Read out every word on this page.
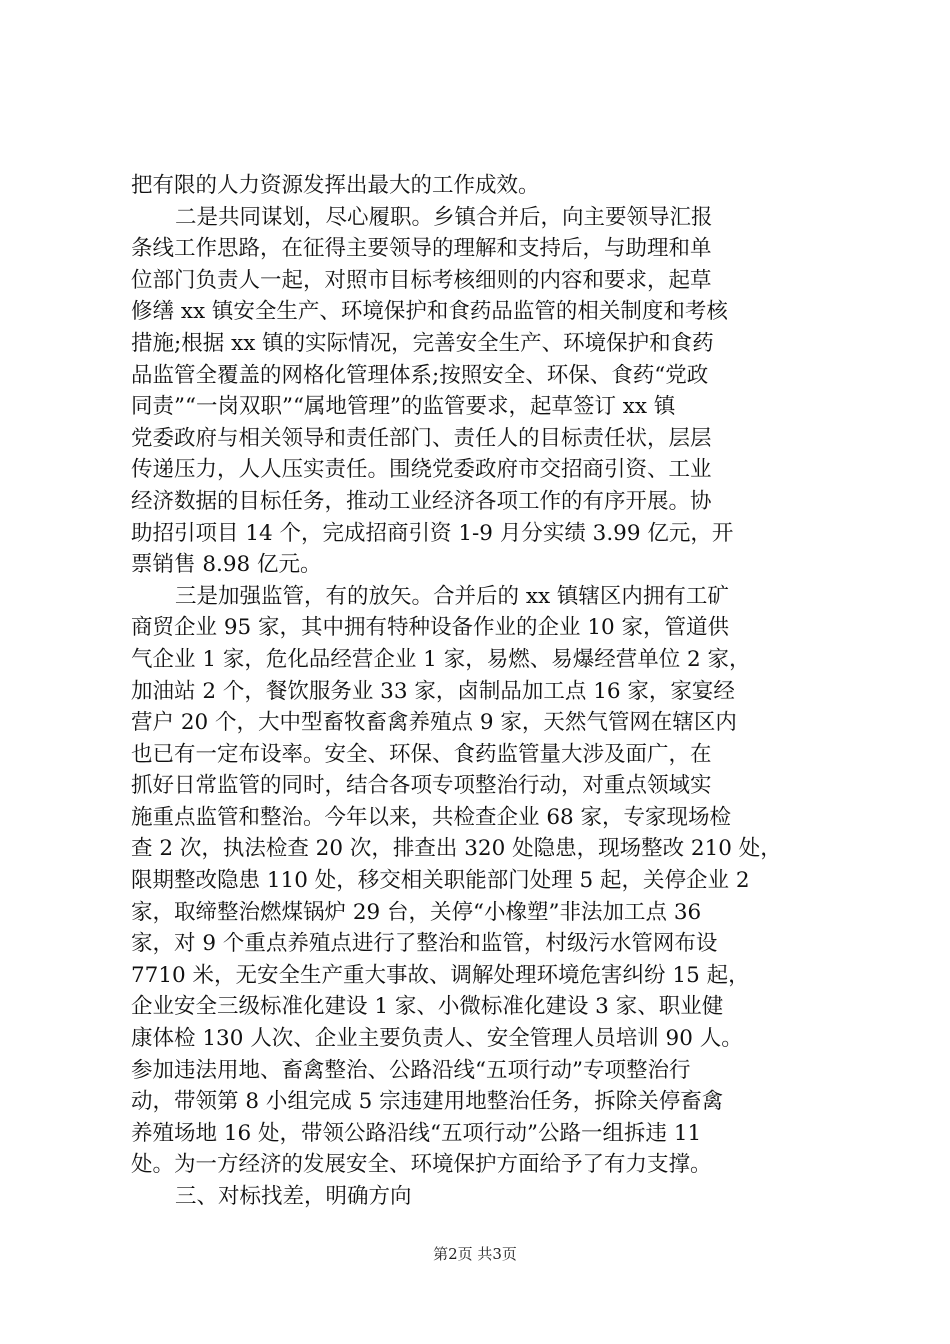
把有限的人力资源发挥出最大的工作成效。
二是共同谋划，尽心履职。乡镇合并后，向主要领导汇报
条线工作思路，在征得主要领导的理解和支持后，与助理和单
位部门负责人一起，对照市目标考核细则的内容和要求，起草
修缮 xx 镇安全生产、环境保护和食药品监管的相关制度和考核
措施;根据 xx 镇的实际情况，完善安全生产、环境保护和食药
品监管全覆盖的网格化管理体系;按照安全、环保、食药“党政
同责”“一岗双职”“属地管理”的监管要求，起草签订 xx 镇
党委政府与相关领导和责任部门、责任人的目标责任状，层层
传递压力，人人压实责任。围绕党委政府市交招商引资、工业
经济数据的目标任务，推动工业经济各项工作的有序开展。协
助招引项目 14 个，完成招商引资 1-9 月分实绩 3.99 亿元，开
票销售 8.98 亿元。
三是加强监管，有的放矢。合并后的 xx 镇辖区内拥有工矿
商贸企业 95 家，其中拥有特种设备作业的企业 10 家，管道供
气企业 1 家，危化品经营企业 1 家，易燃、易爆经营单位 2 家，
加油站 2 个，餐饮服务业 33 家，卤制品加工点 16 家，家宴经
营户 20 个，大中型畜牧畜禽养殖点 9 家，天然气管网在辖区内
也已有一定布设率。安全、环保、食药监管量大涉及面广，在
抓好日常监管的同时，结合各项专项整治行动，对重点领域实
施重点监管和整治。今年以来，共检查企业 68 家，专家现场检
查 2 次，执法检查 20 次，排查出 320 处隐患，现场整改 210 处，
限期整改隐患 110 处，移交相关职能部门处理 5 起，关停企业 2
家，取缔整治燃煤锅炉 29 台，关停“小橡塑”非法加工点 36
家，对 9 个重点养殖点进行了整治和监管，村级污水管网布设
7710 米，无安全生产重大事故、调解处理环境危害纠纷 15 起，
企业安全三级标准化建设 1 家、小微标准化建设 3 家、职业健
康体检 130 人次、企业主要负责人、安全管理人员培训 90 人。
参加违法用地、畜禽整治、公路沿线“五项行动”专项整治行
动，带领第 8 小组完成 5 宗违建用地整治任务，拆除关停畜禽
养殖场地 16 处，带领公路沿线“五项行动”公路一组拆违 11
处。为一方经济的发展安全、环境保护方面给予了有力支撑。
三、对标找差，明确方向
第2页 共3页
